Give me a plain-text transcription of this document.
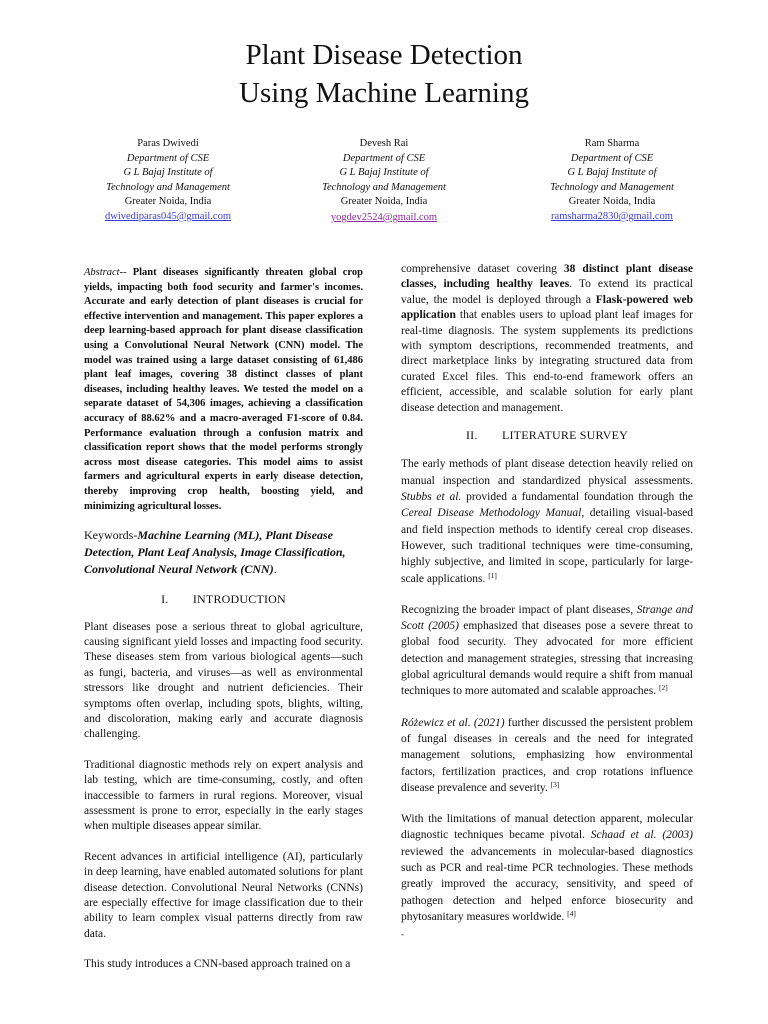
Plant Disease Detection
Using Machine Learning
Paras Dwivedi
Department of CSE
G L Bajaj Institute of
Technology and Management
Greater Noida, India
dwivediparas045@gmail.com
Devesh Rai
Department of CSE
G L Bajaj Institute of
Technology and Management
Greater Noida, India
yogdev2524@gmail.com
Ram Sharma
Department of CSE
G L Bajaj Institute of
Technology and Management
Greater Noida, India
ramsharma2830@gmail.com

Abstract-- Plant diseases significantly threaten global crop yields, impacting both food security and farmer's incomes. Accurate and early detection of plant diseases is crucial for effective intervention and management. This paper explores a deep learning-based approach for plant disease classification using a Convolutional Neural Network (CNN) model. The model was trained using a large dataset consisting of 61,486 plant leaf images, covering 38 distinct classes of plant diseases, including healthy leaves. We tested the model on a separate dataset of 54,306 images, achieving a classification accuracy of 88.62% and a macro-averaged F1-score of 0.84. Performance evaluation through a confusion matrix and classification report shows that the model performs strongly across most disease categories. This model aims to assist farmers and agricultural experts in early disease detection, thereby improving crop health, boosting yield, and minimizing agricultural losses.

Keywords-Machine Learning (ML), Plant Disease Detection, Plant Leaf Analysis, Image Classification, Convolutional Neural Network (CNN).

I.  INTRODUCTION

Plant diseases pose a serious threat to global agriculture, causing significant yield losses and impacting food security. These diseases stem from various biological agents—such as fungi, bacteria, and viruses—as well as environmental stressors like drought and nutrient deficiencies. Their symptoms often overlap, including spots, blights, wilting, and discoloration, making early and accurate diagnosis challenging.

Traditional diagnostic methods rely on expert analysis and lab testing, which are time-consuming, costly, and often inaccessible to farmers in rural regions. Moreover, visual assessment is prone to error, especially in the early stages when multiple diseases appear similar.

Recent advances in artificial intelligence (AI), particularly in deep learning, have enabled automated solutions for plant disease detection. Convolutional Neural Networks (CNNs) are especially effective for image classification due to their ability to learn complex visual patterns directly from raw data.

This study introduces a CNN-based approach trained on a

comprehensive dataset covering 38 distinct plant disease classes, including healthy leaves. To extend its practical value, the model is deployed through a Flask-powered web application that enables users to upload plant leaf images for real-time diagnosis. The system supplements its predictions with symptom descriptions, recommended treatments, and direct marketplace links by integrating structured data from curated Excel files. This end-to-end framework offers an efficient, accessible, and scalable solution for early plant disease detection and management.

II.  LITERATURE SURVEY

The early methods of plant disease detection heavily relied on manual inspection and standardized physical assessments. Stubbs et al. provided a fundamental foundation through the Cereal Disease Methodology Manual, detailing visual-based and field inspection methods to identify cereal crop diseases. However, such traditional techniques were time-consuming, highly subjective, and limited in scope, particularly for large-scale applications. [1]

Recognizing the broader impact of plant diseases, Strange and Scott (2005) emphasized that diseases pose a severe threat to global food security. They advocated for more efficient detection and management strategies, stressing that increasing global agricultural demands would require a shift from manual techniques to more automated and scalable approaches. [2]

Różewicz et al. (2021) further discussed the persistent problem of fungal diseases in cereals and the need for integrated management solutions, emphasizing how environmental factors, fertilization practices, and crop rotations influence disease prevalence and severity. [3]

With the limitations of manual detection apparent, molecular diagnostic techniques became pivotal. Schaad et al. (2003) reviewed the advancements in molecular-based diagnostics such as PCR and real-time PCR technologies. These methods greatly improved the accuracy, sensitivity, and speed of pathogen detection and helped enforce biosecurity and phytosanitary measures worldwide. [4]

-
